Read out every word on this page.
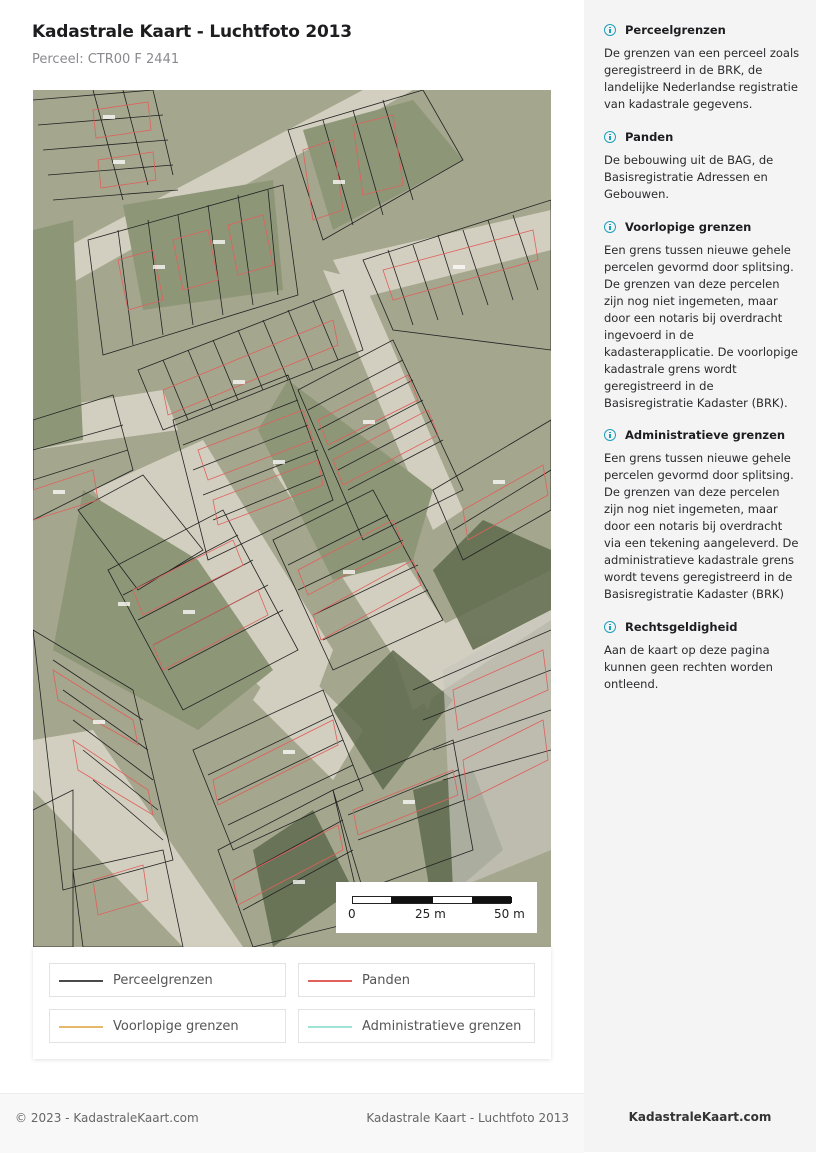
Kadastrale Kaart - Luchtfoto 2013
Perceel: CTR00 F 2441
0	25 m	50 m
Perceelgrenzen	Panden
Voorlopige grenzen	Administratieve grenzen
Perceelgrenzen
De grenzen van een perceel zoals geregistreerd in de BRK, de landelijke Nederlandse registratie van kadastrale gegevens.
Panden
De bebouwing uit de BAG, de Basisregistratie Adressen en Gebouwen.
Voorlopige grenzen
Een grens tussen nieuwe gehele percelen gevormd door splitsing. De grenzen van deze percelen zijn nog niet ingemeten, maar door een notaris bij overdracht ingevoerd in de kadasterapplicatie. De voorlopige kadastrale grens wordt geregistreerd in de Basisregistratie Kadaster (BRK).
Administratieve grenzen
Een grens tussen nieuwe gehele percelen gevormd door splitsing. De grenzen van deze percelen zijn nog niet ingemeten, maar door een notaris bij overdracht via een tekening aangeleverd. De administratieve kadastrale grens wordt tevens geregistreerd in de Basisregistratie Kadaster (BRK)
Rechtsgeldigheid
Aan de kaart op deze pagina kunnen geen rechten worden ontleend.
© 2023 - KadastraleKaart.com	Kadastrale Kaart - Luchtfoto 2013	KadastraleKaart.com
